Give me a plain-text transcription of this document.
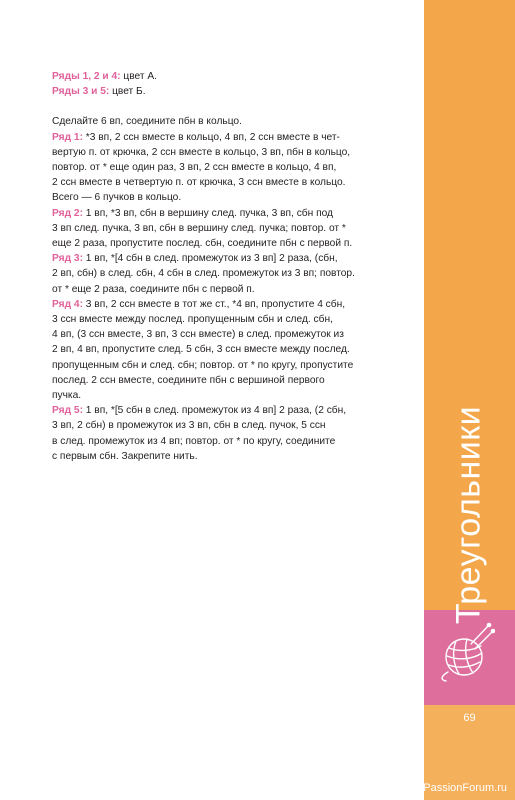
Ряды 1, 2 и 4: цвет А.

Ряды 3 и 5: цвет Б.

Сделайте 6 вп, соедините пбн в кольцо.

Ряд 1: *3 вп, 2 ссн вместе в кольцо, 4 вп, 2 ссн вместе в чет-

вертую п. от крючка, 2 ссн вместе в кольцо, 3 вп, пбн в кольцо,

повтор. от * еще один раз, 3 вп, 2 ссн вместе в кольцо, 4 вп,

2 ссн вместе в четвертую п. от крючка, 3 ссн вместе в кольцо.

Всего — 6 пучков в кольцо.

Ряд 2: 1 вп, *3 вп, сбн в вершину след. пучка, 3 вп, сбн под

3 вп след. пучка, 3 вп, сбн в вершину след. пучка; повтор. от *

еще 2 раза, пропустите послед. сбн, соедините пбн с первой п.

Ряд 3: 1 вп, *[4 сбн в след. промежуток из 3 вп] 2 раза, (сбн,

2 вп, сбн) в след. сбн, 4 сбн в след. промежуток из 3 вп; повтор.

от * еще 2 раза, соедините пбн с первой п.

Ряд 4: 3 вп, 2 ссн вместе в тот же ст., *4 вп, пропустите 4 сбн,

3 ссн вместе между послед. пропущенным сбн и след. сбн,

4 вп, (3 ссн вместе, 3 вп, 3 ссн вместе) в след. промежуток из

2 вп, 4 вп, пропустите след. 5 сбн, 3 ссн вместе между послед.

пропущенным сбн и след. сбн; повтор. от * по кругу, пропустите

послед. 2 ссн вместе, соедините пбн с вершиной первого

пучка.

Ряд 5: 1 вп, *[5 сбн в след. промежуток из 4 вп] 2 раза, (2 сбн,

3 вп, 2 сбн) в промежуток из 3 вп, сбн в след. пучок, 5 ссн

в след. промежуток из 4 вп; повтор. от * по кругу, соедините

с первым сбн. Закрепите нить.	Треугольники
69
PassionForum.ru
